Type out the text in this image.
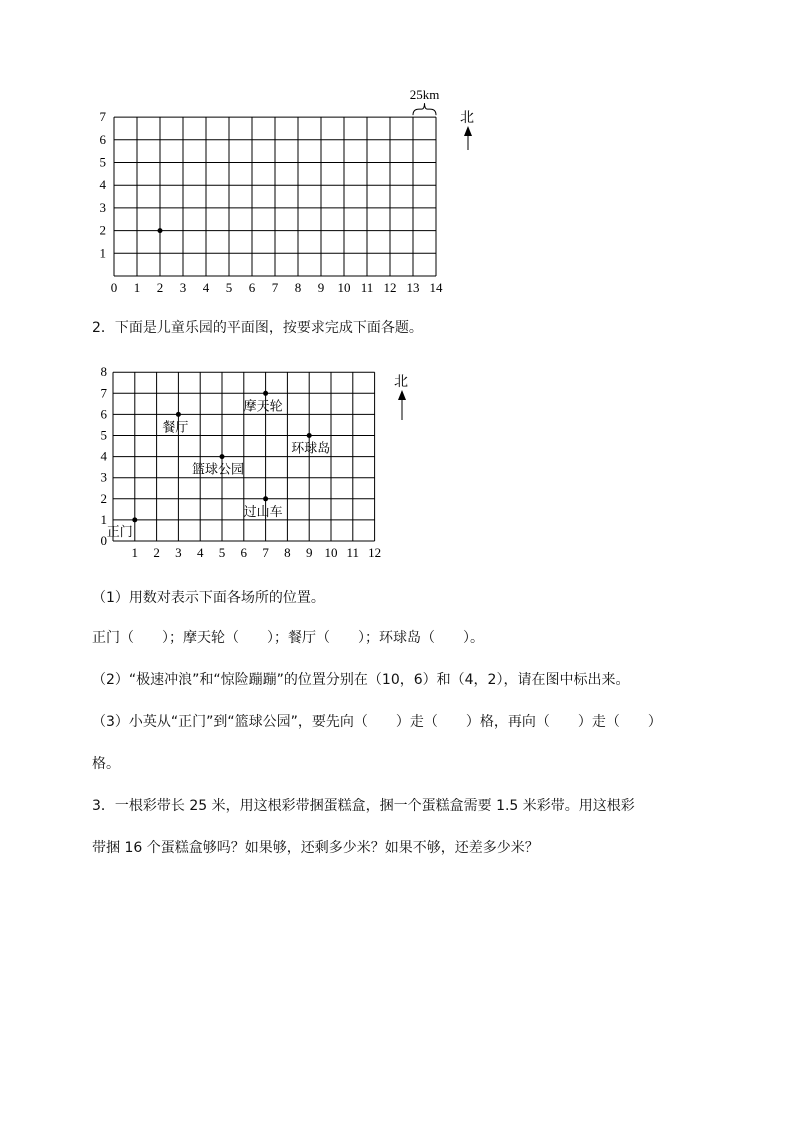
0 1 2 3 4 5 6 7 8 9 10 11 12 13 14
1
2
3
4
5
6
7
25km
北
2．下面是儿童乐园的平面图，按要求完成下面各题。
1 2 3 4 5 6 7 8 9 10 11 12
0
1
2
3
4
5
6
7
8
正门
摩天轮
餐厅
环球岛
篮球公园
过山车
北
（1）用数对表示下面各场所的位置。
正门（　　）；摩天轮（　　）；餐厅（　　）；环球岛（　　）。
（2）“极速冲浪”和“惊险蹦蹦”的位置分别在（10，6）和（4，2），请在图中标出来。
（3）小英从“正门”到“篮球公园”，要先向（　　）走（　　）格，再向（　　）走（　　）
格。
3．一根彩带长 25 米，用这根彩带捆蛋糕盒，捆一个蛋糕盒需要 1.5 米彩带。用这根彩
带捆 16 个蛋糕盒够吗？如果够，还剩多少米？如果不够，还差多少米？
